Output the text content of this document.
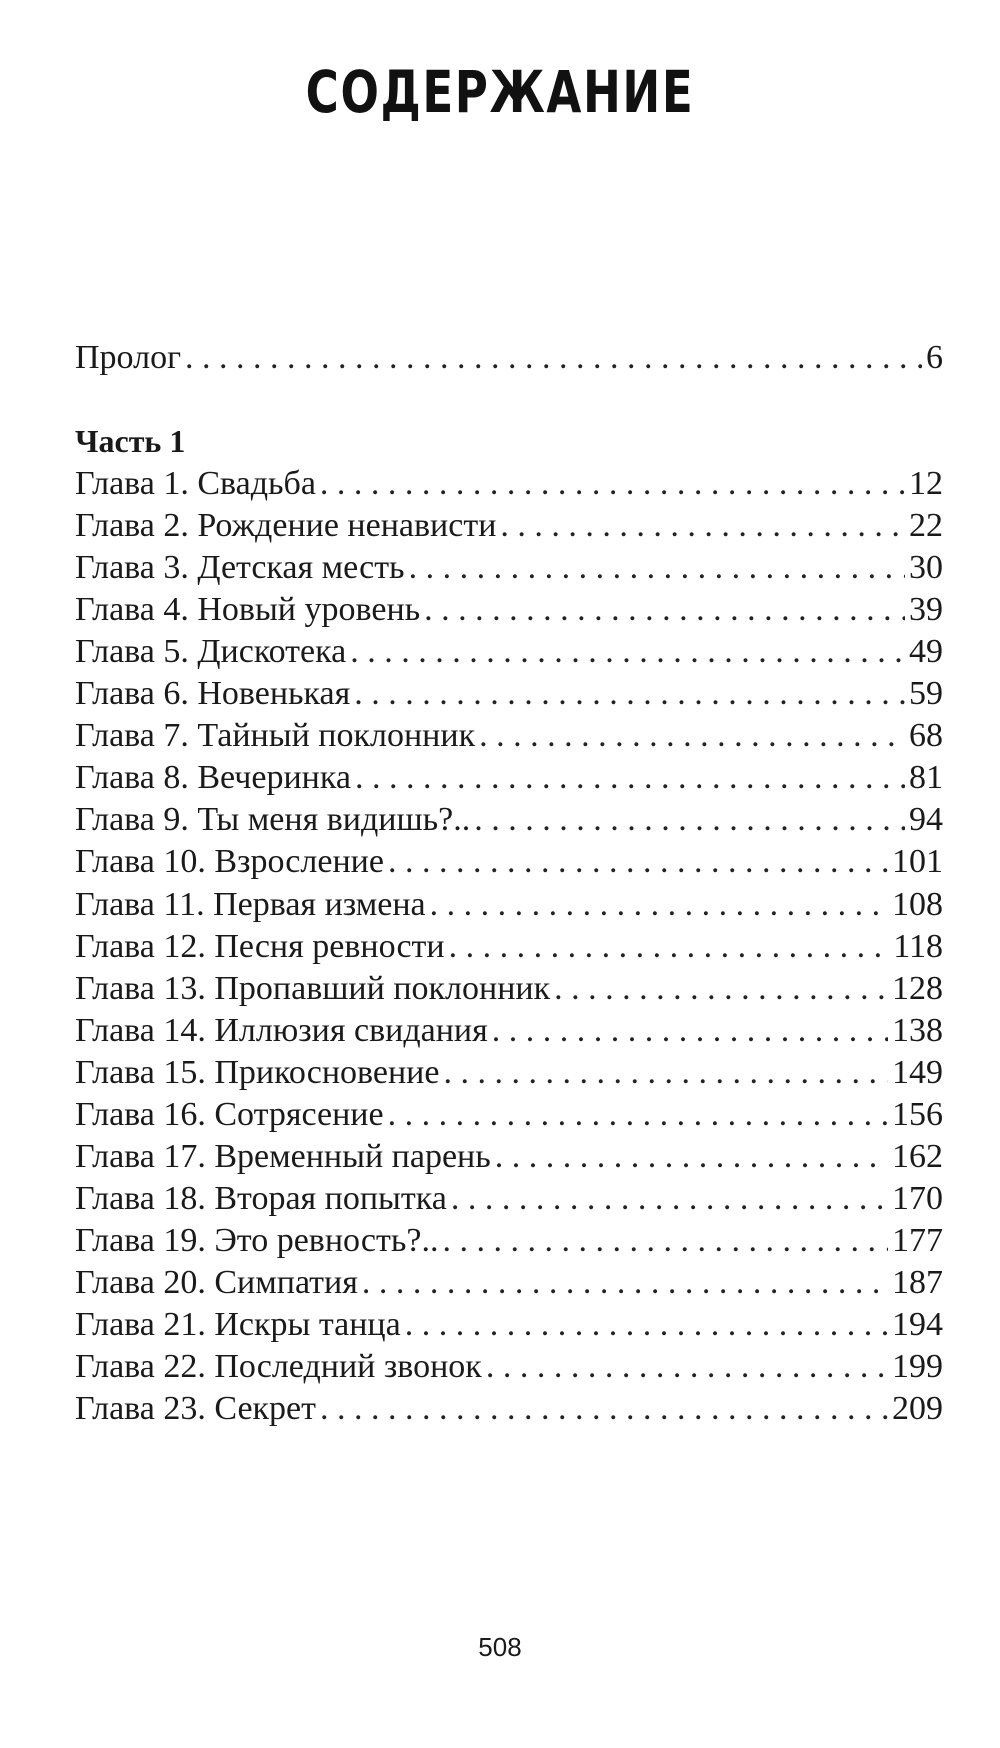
СОДЕРЖАНИЕ
Пролог . . .	6
Часть 1
Глава 1. Свадьба . . .	12
Глава 2. Рождение ненависти . . .	22
Глава 3. Детская месть . . .	30
Глава 4. Новый уровень . . .	39
Глава 5. Дискотека . . .	49
Глава 6. Новенькая . . .	59
Глава 7. Тайный поклонник . . .	68
Глава 8. Вечеринка . . .	81
Глава 9. Ты меня видишь?.. . . .	94
Глава 10. Взросление . . .	101
Глава 11. Первая измена . . .	108
Глава 12. Песня ревности . . .	118
Глава 13. Пропавший поклонник . . .	128
Глава 14. Иллюзия свидания . . .	138
Глава 15. Прикосновение . . .	149
Глава 16. Сотрясение . . .	156
Глава 17. Временный парень . . .	162
Глава 18. Вторая попытка . . .	170
Глава 19. Это ревность?.. . . .	177
Глава 20. Симпатия . . .	187
Глава 21. Искры танца . . .	194
Глава 22. Последний звонок . . .	199
Глава 23. Секрет . . .	209
508
